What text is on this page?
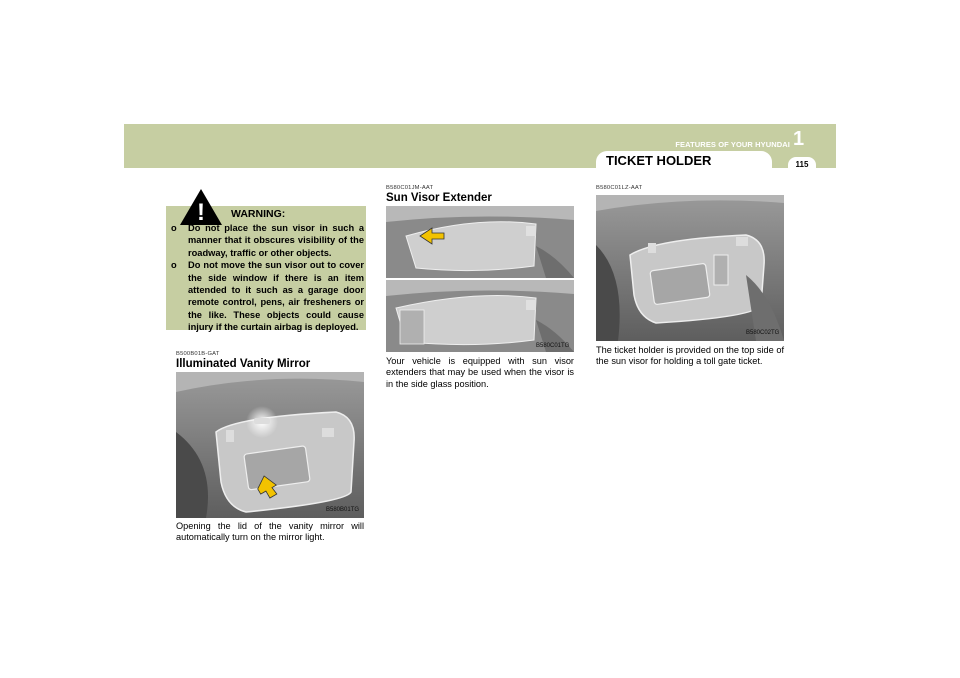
FEATURES OF YOUR HYUNDAI 1
115
TICKET HOLDER
! WARNING:
o Do not place the sun visor in such a manner that it obscures visibility of the roadway, traffic or other objects.
o Do not move the sun visor out to cover the side window if there is an item attended to it such as a garage door remote control, pens, air fresheners or the like. These objects could cause injury if the curtain airbag is deployed.
B500B01B-GAT
Illuminated Vanity Mirror
B580B01TG

Opening the lid of the vanity mirror will automatically turn on the mirror light.

B580C01JM-AAT
Sun Visor Extender
B580C01TG

Your vehicle is equipped with sun visor extenders that may be used when the visor is in the side glass position.

B580C01LZ-AAT
B580C02TG

The ticket holder is provided on the top side of the sun visor for holding a toll gate ticket.
